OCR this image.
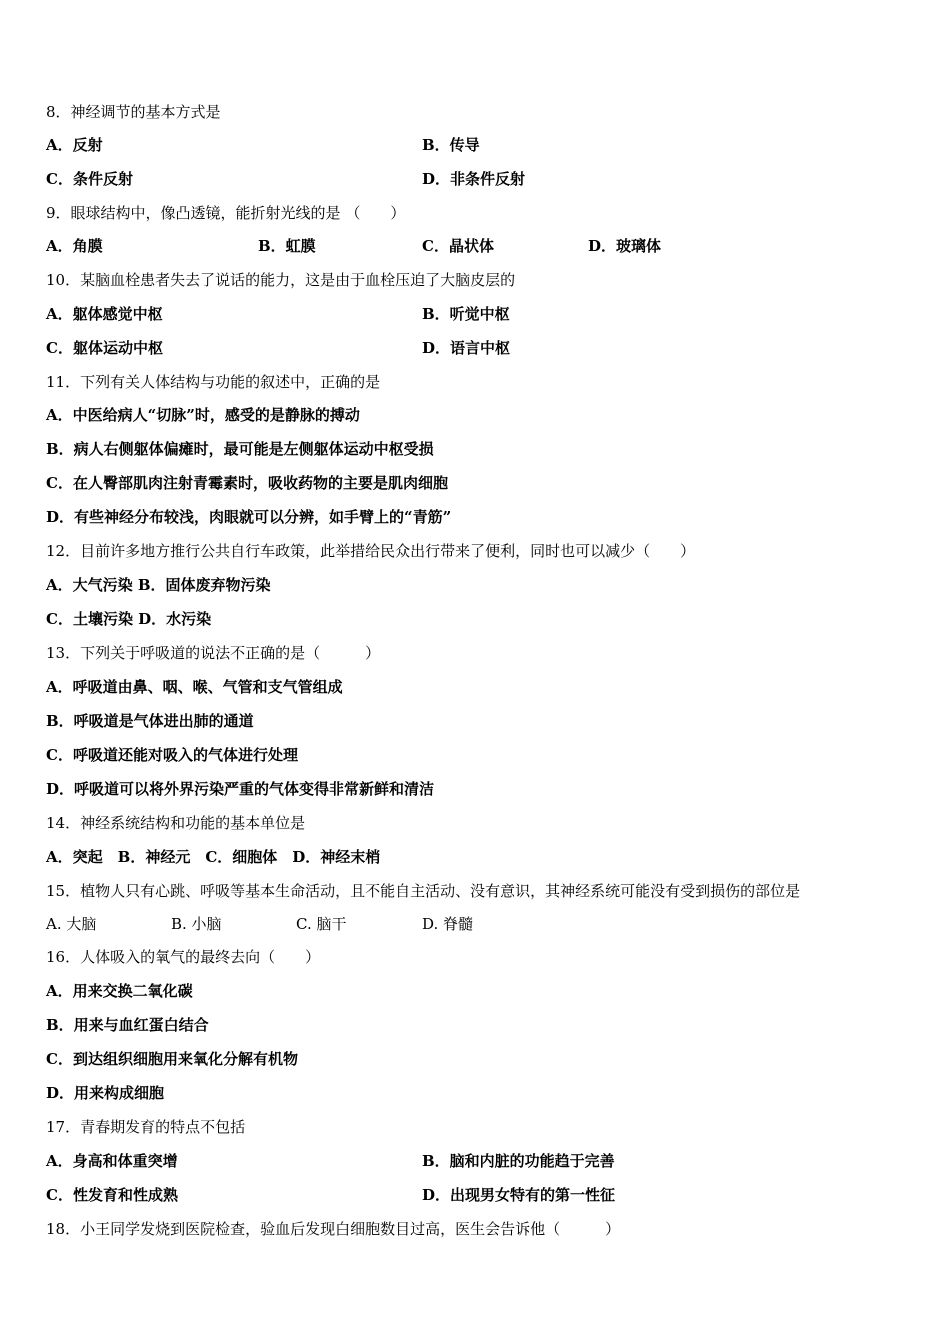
8．神经调节的基本方式是
A．反射	B．传导
C．条件反射	D．非条件反射
9．眼球结构中，像凸透镜，能折射光线的是 （　　）
A．角膜	B．虹膜	C．晶状体	D．玻璃体
10．某脑血栓患者失去了说话的能力，这是由于血栓压迫了大脑皮层的
A．躯体感觉中枢	B．听觉中枢
C．躯体运动中枢	D．语言中枢
11．下列有关人体结构与功能的叙述中，正确的是
A．中医给病人“切脉”时，感受的是静脉的搏动
B．病人右侧躯体偏瘫时，最可能是左侧躯体运动中枢受损
C．在人臀部肌肉注射青霉素时，吸收药物的主要是肌肉细胞
D．有些神经分布较浅，肉眼就可以分辨，如手臂上的“青筋”
12．目前许多地方推行公共自行车政策，此举措给民众出行带来了便利，同时也可以减少（　　）
A．大气污染 B．固体废弃物污染
C．土壤污染 D．水污染
13．下列关于呼吸道的说法不正确的是（　　　）
A．呼吸道由鼻、咽、喉、气管和支气管组成
B．呼吸道是气体进出肺的通道
C．呼吸道还能对吸入的气体进行处理
D．呼吸道可以将外界污染严重的气体变得非常新鲜和清洁
14．神经系统结构和功能的基本单位是
A．突起　B．神经元　C．细胞体　D．神经末梢
15．植物人只有心跳、呼吸等基本生命活动，且不能自主活动、没有意识，其神经系统可能没有受到损伤的部位是
A. 大脑	B. 小脑	C. 脑干	D. 脊髓
16．人体吸入的氧气的最终去向（　　）
A．用来交换二氧化碳
B．用来与血红蛋白结合
C．到达组织细胞用来氧化分解有机物
D．用来构成细胞
17．青春期发育的特点不包括
A．身高和体重突增	B．脑和内脏的功能趋于完善
C．性发育和性成熟	D．出现男女特有的第一性征
18．小王同学发烧到医院检查，验血后发现白细胞数目过高，医生会告诉他（　　　）
